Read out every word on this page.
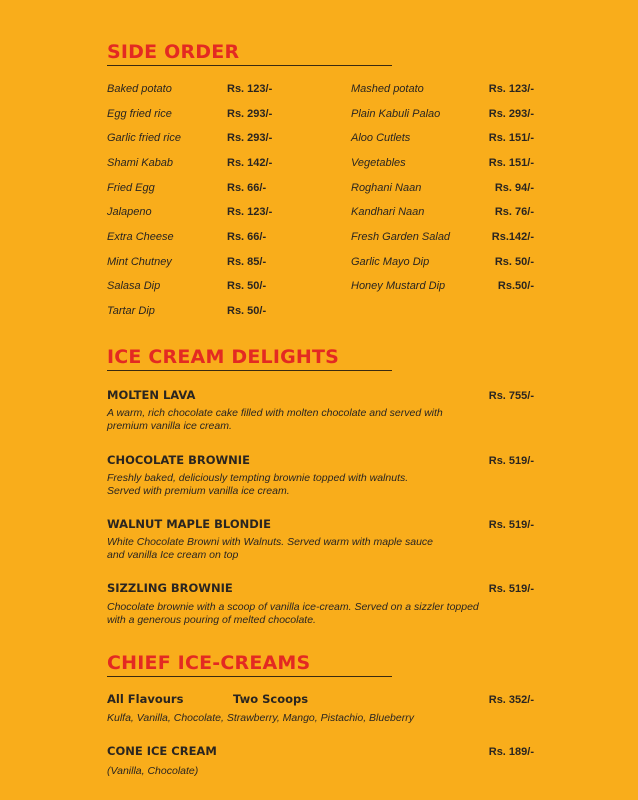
SIDE ORDER
Baked potato	Rs. 123/-
Egg fried rice	Rs. 293/-
Garlic fried rice	Rs. 293/-
Shami Kabab	Rs. 142/-
Fried Egg	Rs. 66/-
Jalapeno	Rs. 123/-
Extra Cheese	Rs. 66/-
Mint Chutney	Rs. 85/-
Salasa Dip	Rs. 50/-
Tartar Dip	Rs. 50/-
Mashed potato	Rs. 123/-
Plain Kabuli Palao	Rs. 293/-
Aloo Cutlets	Rs. 151/-
Vegetables	Rs. 151/-
Roghani Naan	Rs. 94/-
Kandhari Naan	Rs. 76/-
Fresh Garden Salad	Rs.142/-
Garlic Mayo Dip	Rs. 50/-
Honey Mustard Dip	Rs.50/-
ICE CREAM DELIGHTS
MOLTEN LAVA	Rs. 755/-
A warm, rich chocolate cake filled with molten chocolate and served with
premium vanilla ice cream.
CHOCOLATE BROWNIE	Rs. 519/-
Freshly baked, deliciously tempting brownie topped with walnuts.
Served with premium vanilla ice cream.
WALNUT MAPLE BLONDIE	Rs. 519/-
White Chocolate Browni with Walnuts. Served warm with maple sauce
and vanilla Ice cream on top
SIZZLING BROWNIE	Rs. 519/-
Chocolate brownie with a scoop of vanilla ice-cream. Served on a sizzler topped
with a generous pouring of melted chocolate.
CHIEF ICE-CREAMS
All Flavours	Two Scoops	Rs. 352/-
Kulfa, Vanilla, Chocolate, Strawberry, Mango, Pistachio, Blueberry
CONE ICE CREAM	Rs. 189/-
(Vanilla, Chocolate)
